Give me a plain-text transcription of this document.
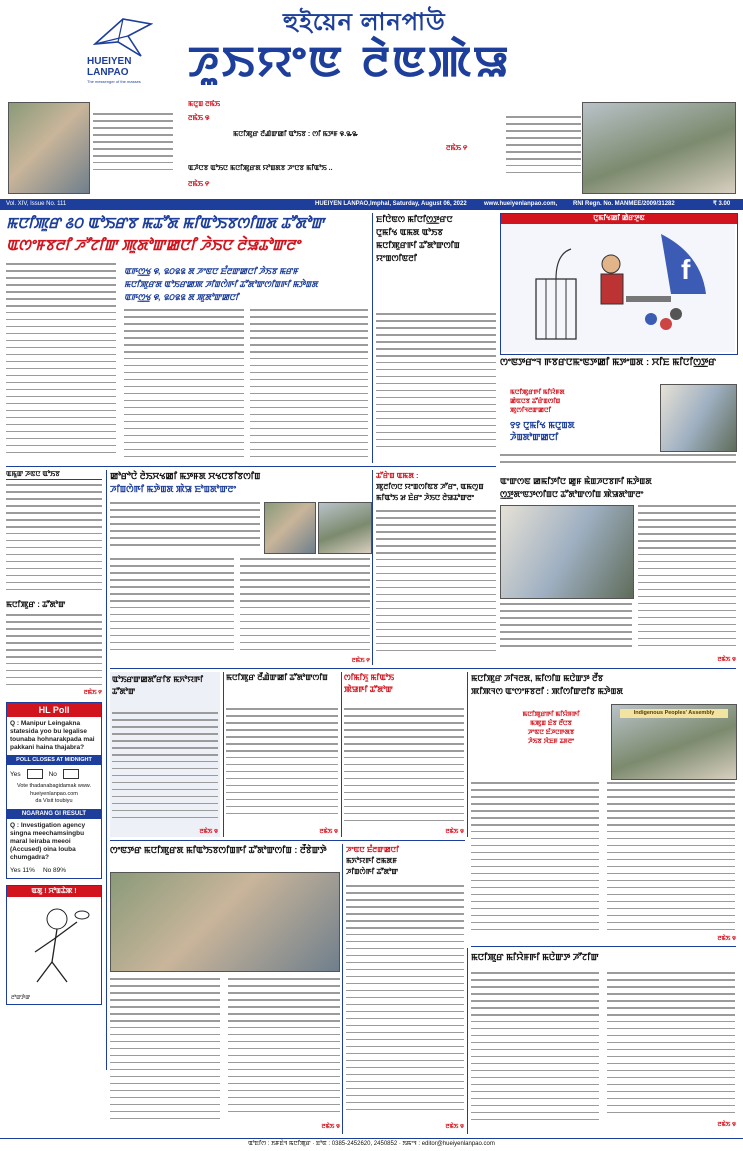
HUEIYEN
LANPAO
The messenger of the masses
হুইয়েন লানপাউ
ꯍꯨꯏꯌꯦꯟ ꯂꯥꯟꯄꯥꯎ
ꯃꯅꯨꯡ ꯂꯃꯥꯏ
ꯂꯃꯥꯏ ꯶
ꯃꯅꯤꯄꯨꯔ ꯂꯩꯉꯥꯛꯀꯤ ꯑꯣꯏꯕ : ꯁꯤ ꯃꯇꯝ ꯶.꯳꯳
ꯂꯃꯥꯏ ꯵
ꯑꯍꯥꯅꯕ ꯑꯣꯏꯅ ꯃꯅꯤꯄꯨꯔꯗ ꯌꯣꯡꯗꯕ ꯍꯦꯅꯕ ꯃꯤꯑꯣꯏ ..
ꯂꯃꯥꯏ ꯵
Vol. XIV, Issue No. 111	HUEIYEN LANPAO, Imphal, Saturday, August 06, 2022	www.hueiyenlanpao.com,	RNI Regn. No. MANMEE/2009/31282	₹ 3.00
ꯃꯅꯤꯄꯨꯔ ꯴꯰ ꯑꯣꯏꯔꯕ ꯃꯊꯧꯗ ꯃꯤꯑꯣꯏꯕꯁꯤꯡꯗ ꯊꯧꯗꯣꯛ
ꯑꯁꯦꯝꯕꯂꯤ ꯍꯧꯖꯤꯛ ꯄꯨꯗꯣꯛꯀꯅꯤ ꯍꯥꯏꯅ ꯂꯥꯎꯊꯣꯛꯂꯦ
ꯑꯒꯁ꯭ꯠ ꯶, ꯲꯰꯲꯲ ꯗ ꯍꯦꯟꯅ ꯐꯪꯂꯛꯀꯅꯤ ꯍꯥꯏꯕ ꯃꯔꯝ
ꯃꯅꯤꯄꯨꯔꯗ ꯑꯣꯏꯔꯀꯄ ꯍꯤꯡꯁꯥꯒꯤ ꯊꯧꯗꯣꯛꯁꯤꯡꯒꯤ ꯃꯇꯥꯡꯗ
ꯑꯒꯁ꯭ꯠ ꯶, ꯲꯰꯲꯲ ꯗ ꯄꯨꯗꯣꯛꯀꯅꯤ
ꯐꯤꯅꯥꯟꯁ ꯃꯤꯅꯤꯁ꯭ꯇꯔꯅ
ꯅꯨꯃꯤꯠ ꯑꯃꯗ ꯑꯣꯏꯕ
ꯃꯅꯤꯄꯨꯔꯒꯤ ꯊꯧꯗꯣꯛꯁꯤꯡ
ꯌꯦꯡꯁꯤꯟꯂꯤ
ꯅꯨꯃꯤꯠꯀꯤ ꯀꯥꯔꯇꯨꯟ
f
ꯁꯦꯟꯇꯔꯦꯜ ꯒꯕꯔꯅꯃꯦꯟꯇꯀꯤ ꯃꯇꯦꯡꯗ : ꯆꯤꯐ ꯃꯤꯅꯤꯁ꯭ꯇꯔ
ꯃꯅꯤꯄꯨꯔꯒꯤ ꯃꯤꯌꯥꯝꯗ
ꯀꯥꯟꯅꯕ ꯊꯧꯔꯥꯡꯁꯤꯡ
ꯄꯨꯁꯤꯜꯂꯛꯀꯅꯤ
꯱꯱ ꯅꯨꯃꯤꯠ ꯃꯅꯨꯡꯗ
ꯍꯥꯡꯗꯣꯛꯀꯅꯤ
ꯑꯃꯨꯛ ꯍꯟꯅ ꯑꯣꯏꯕ
ꯃꯅꯤꯄꯨꯔ : ꯊꯧꯗꯣꯛ
ꯂꯃꯥꯏ ꯵
HL Poll
Q : Manipur Leingakna statesida yoo bu legalise tounaba hohnarakpada mai pakkani haina thajabra?
POLL CLOSES AT MIDNIGHT
Yes	No
Vote thadanabagidamak www.
hueiyenlanpao.com
da Visit toubiyu
NGARANG GI RESULT
Q : Investigation agency singna meechamsingbu maral leiraba meeoi (Accused) oina louba chumgadra?
Yes 11% No 89%
ꯑꯗꯨ ! ꯆꯣꯡꯊꯥꯄ !
ꯂꯣꯛꯇꯥꯛ
ꯀꯣꯔꯣꯅꯥ ꯂꯥꯏꯆꯠꯀꯤ ꯃꯇꯝꯗ ꯆꯠꯅꯕꯤꯕꯁꯤꯡ
ꯍꯤꯡꯁꯥꯒꯤ ꯃꯇꯥꯡꯗ ꯄꯥꯎ ꯐꯣꯡꯗꯣꯛꯂꯦ
ꯂꯃꯥꯏ ꯵
ꯊꯧꯔꯥꯡ ꯑꯃꯗ :
ꯄꯨꯂꯤꯁꯅ ꯌꯦꯡꯁꯤꯟꯕ ꯍꯧꯔꯦ, ꯑꯃꯁꯨꯡ
ꯃꯤꯑꯣꯏ ꯷ ꯐꯥꯔꯦ ꯍꯥꯏꯅ ꯂꯥꯎꯊꯣꯛꯂꯦ
ꯑꯦꯛꯁꯟ ꯀꯃꯤꯇꯤꯅ ꯀꯨꯝ ꯃꯥꯡꯍꯅꯕꯒꯤ ꯃꯇꯥꯡꯗ
ꯁ꯭ꯇꯨꯗꯦꯟꯇꯁꯤꯡꯅ ꯊꯧꯗꯣꯛꯁꯤꯡ ꯄꯥꯎꯗꯣꯛꯂꯦ
ꯂꯃꯥꯏ ꯶
ꯑꯣꯏꯔꯛꯀꯗꯧꯔꯤꯕ ꯃꯈꯣꯌꯒꯤ ꯊꯧꯗꯣꯛ
ꯂꯃꯥꯏ ꯶
ꯃꯅꯤꯄꯨꯔ ꯂꯩꯉꯥꯛꯀꯤ ꯊꯧꯗꯣꯛꯁꯤꯡ
ꯂꯃꯥꯏ ꯶
ꯁꯤꯃꯤꯈꯨ ꯃꯤꯑꯣꯏ
ꯄꯥꯎꯒꯤ ꯊꯧꯗꯣꯛ
ꯂꯃꯥꯏ ꯶
ꯃꯅꯤꯄꯨꯔ ꯍꯤꯜꯂꯗ, ꯃꯤꯁꯤꯡ ꯃꯅꯥꯛꯇ ꯂꯩꯕ
ꯄꯤꯄꯜꯁ ꯑꯦꯁꯦꯝꯕꯂꯤ : ꯄꯤꯁꯤꯛꯂꯤꯕ ꯃꯇꯥꯡꯗ
ꯃꯅꯤꯄꯨꯔꯒꯤ ꯃꯤꯌꯥꯝꯒꯤ
ꯃꯄꯨꯡ ꯐꯥꯕ ꯂꯩꯅꯕ
ꯍꯦꯟꯅ ꯐꯪꯍꯅꯒꯗꯕ
ꯍꯥꯏꯕ ꯋꯥꯐꯝ ꯊꯝꯂꯦ
Indigenous Peoples' Assembly
ꯂꯃꯥꯏ ꯶
ꯁꯦꯟꯇꯔ ꯃꯅꯤꯄꯨꯔꯗ ꯃꯤꯑꯣꯏꯕꯁꯤꯡꯒꯤ ꯊꯧꯗꯣꯛꯁꯤꯡ : ꯂꯩꯕꯥꯛꯇꯥ
ꯂꯃꯥꯏ ꯶
ꯍꯦꯟꯅ ꯐꯪꯂꯛꯀꯅꯤ
ꯃꯈꯣꯌꯒꯤ ꯂꯃꯗꯝ
ꯍꯤꯡꯁꯥꯒꯤ ꯊꯧꯗꯣꯛ
ꯂꯃꯥꯏ ꯶
ꯃꯅꯤꯄꯨꯔ ꯃꯤꯌꯥꯝꯒꯤ ꯃꯅꯥꯛꯇ ꯍꯧꯖꯤꯛ
ꯂꯃꯥꯏ ꯶
ꯑꯣꯐꯤꯁ : ꯏꯝꯐꯥꯜ ꯃꯅꯤꯄꯨꯔ · ꯐꯣꯟ : 0385-2452620, 2450852 · ꯏꯃꯦꯜ : editor@hueiyenlanpao.com
